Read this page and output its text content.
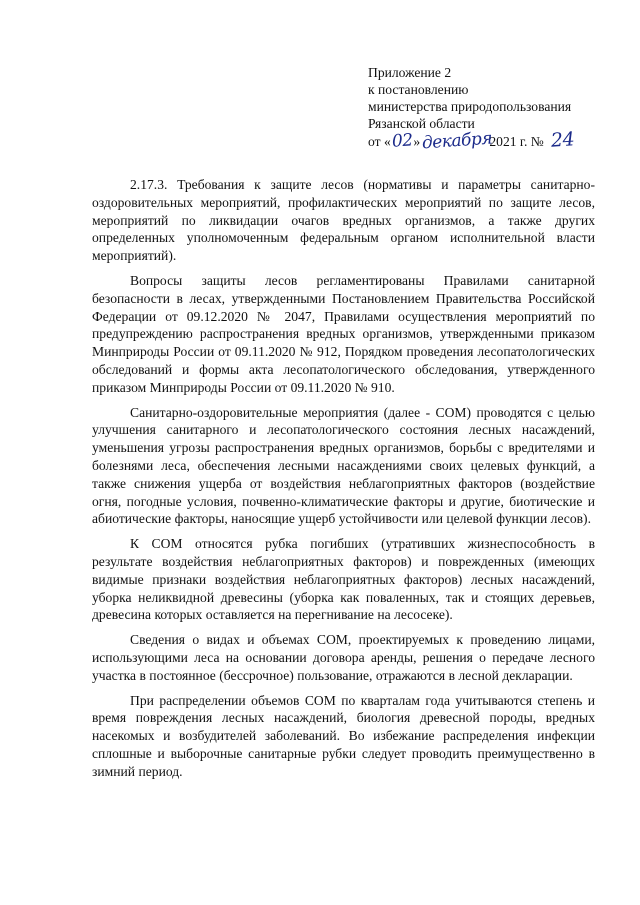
Приложение 2
к постановлению
министерства природопользования
Рязанской области
от «02»декабря2021 г. № 24

2.17.3. Требования к защите лесов (нормативы и параметры санитарно-оздоровительных мероприятий, профилактических мероприятий по защите лесов, мероприятий по ликвидации очагов вредных организмов, а также других определенных уполномоченным федеральным органом исполнительной власти мероприятий).

Вопросы защиты лесов регламентированы Правилами санитарной безопасности в лесах, утвержденными Постановлением Правительства Российской Федерации от 09.12.2020 № 2047, Правилами осуществления мероприятий по предупреждению распространения вредных организмов, утвержденными приказом Минприроды России от 09.11.2020 № 912, Порядком проведения лесопатологических обследований и формы акта лесопатологического обследования, утвержденного приказом Минприроды России от 09.11.2020 № 910.

Санитарно-оздоровительные мероприятия (далее - СОМ) проводятся с целью улучшения санитарного и лесопатологического состояния лесных насаждений, уменьшения угрозы распространения вредных организмов, борьбы с вредителями и болезнями леса, обеспечения лесными насаждениями своих целевых функций, а также снижения ущерба от воздействия неблагоприятных факторов (воздействие огня, погодные условия, почвенно-климатические факторы и другие, биотические и абиотические факторы, наносящие ущерб устойчивости или целевой функции лесов).

К СОМ относятся рубка погибших (утративших жизнеспособность в результате воздействия неблагоприятных факторов) и поврежденных (имеющих видимые признаки воздействия неблагоприятных факторов) лесных насаждений, уборка неликвидной древесины (уборка как поваленных, так и стоящих деревьев, древесина которых оставляется на перегнивание на лесосеке).

Сведения о видах и объемах СОМ, проектируемых к проведению лицами, использующими леса на основании договора аренды, решения о передаче лесного участка в постоянное (бессрочное) пользование, отражаются в лесной декларации.

При распределении объемов СОМ по кварталам года учитываются степень и время повреждения лесных насаждений, биология древесной породы, вредных насекомых и возбудителей заболеваний. Во избежание распределения инфекции сплошные и выборочные санитарные рубки следует проводить преимущественно в зимний период.
